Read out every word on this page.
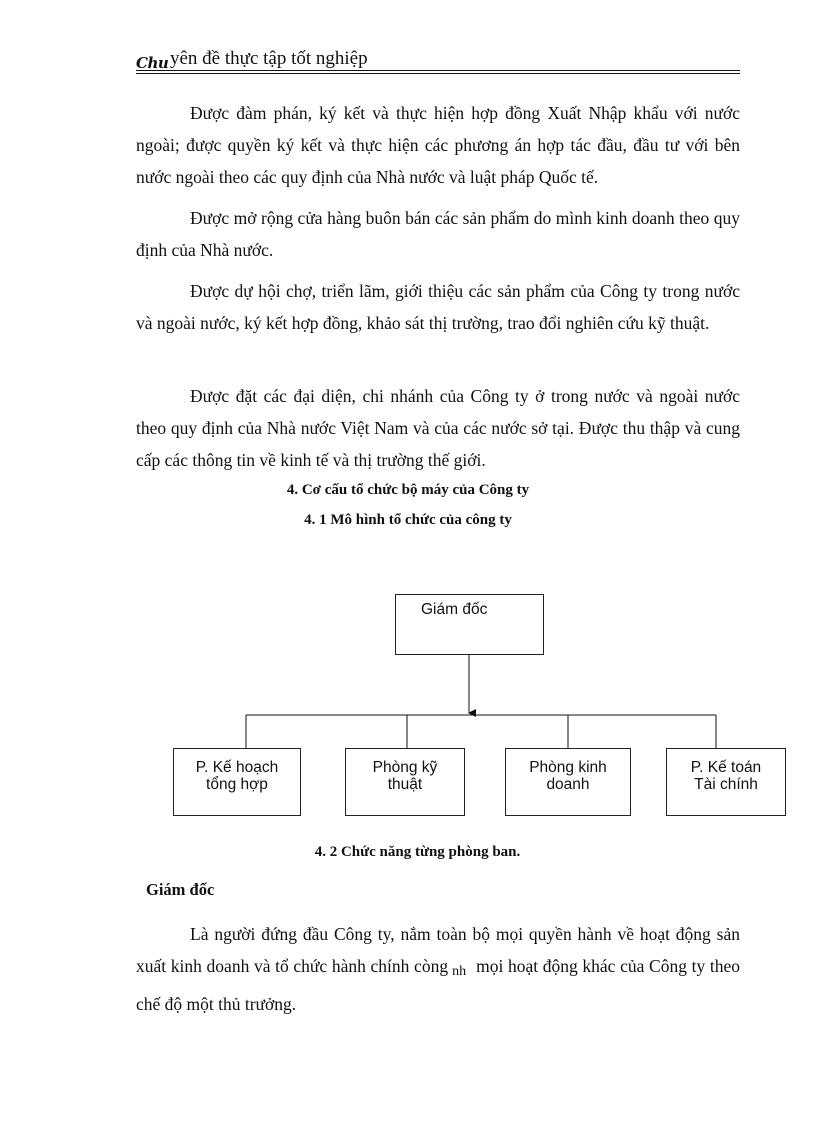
Chu yên đề thực tập tốt nghiệp

Được đàm phán, ký kết và thực hiện hợp đồng Xuất Nhập khẩu với nước ngoài; được quyền ký kết và thực hiện các phương án hợp tác đầu, đầu tư với bên nước ngoài theo các quy định của Nhà nước và luật pháp Quốc tế.

Được mở rộng cửa hàng buôn bán các sản phẩm do mình kinh doanh theo quy định của Nhà nước.

Được dự hội chợ, triển lãm, giới thiệu các sản phẩm của Công ty trong nước và ngoài nước, ký kết hợp đồng, khảo sát thị trường, trao đổi nghiên cứu kỹ thuật.

Được đặt các đại diện, chi nhánh của Công ty ở trong nước và ngoài nước theo quy định của Nhà nước Việt Nam và của các nước sở tại. Được thu thập và cung cấp các thông tin về kinh tế và thị trường thế giới.

4. Cơ cấu tổ chức bộ máy của Công ty

4. 1 Mô hình tổ chức của công ty

Giám đốc
P. Kế hoạch
tổng hợp
Phòng kỹ
thuật
Phòng kinh
doanh
P. Kế toán
Tài chính

4. 2 Chức năng từng phòng ban.

Giám đốc

Là người đứng đầu Công ty, nắm toàn bộ mọi quyền hành về hoạt động sản xuất kinh doanh và tổ chức hành chính còng nh mọi hoạt động khác của Công ty theo chế độ một thủ trưởng.
